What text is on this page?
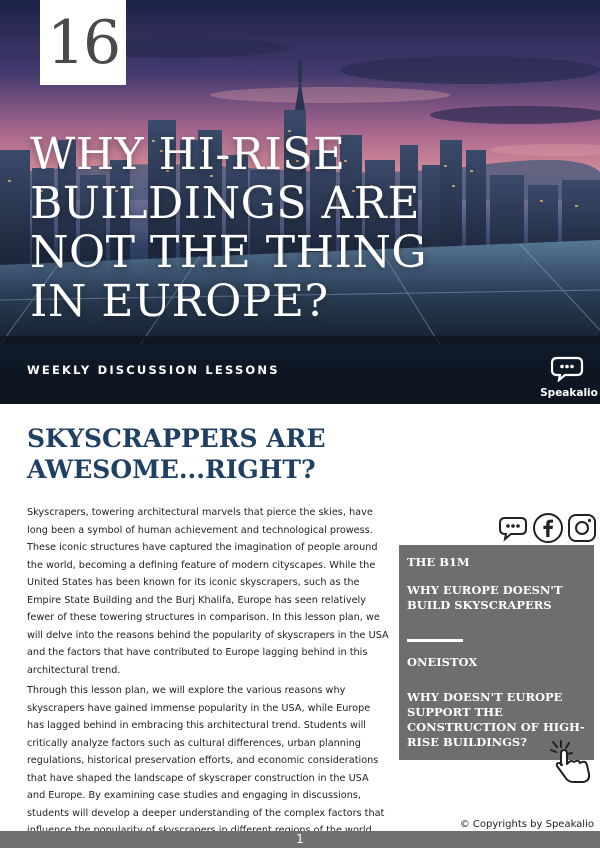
16
WHY HI-RISE BUILDINGS ARE NOT THE THING IN EUROPE?
WEEKLY DISCUSSION LESSONS
Speakalio
SKYSCRAPPERS ARE AWESOME...RIGHT?

Skyscrapers, towering architectural marvels that pierce the skies, have long been a symbol of human achievement and technological prowess. These iconic structures have captured the imagination of people around the world, becoming a defining feature of modern cityscapes. While the United States has been known for its iconic skyscrapers, such as the Empire State Building and the Burj Khalifa, Europe has seen relatively fewer of these towering structures in comparison. In this lesson plan, we will delve into the reasons behind the popularity of skyscrapers in the USA and the factors that have contributed to Europe lagging behind in this architectural trend.

Through this lesson plan, we will explore the various reasons why skyscrapers have gained immense popularity in the USA, while Europe has lagged behind in embracing this architectural trend. Students will critically analyze factors such as cultural differences, urban planning regulations, historical preservation efforts, and economic considerations that have shaped the landscape of skyscraper construction in the USA and Europe. By examining case studies and engaging in discussions, students will develop a deeper understanding of the complex factors that

THE B1M
WHY EUROPE DOESN'T BUILD SKYSCRAPERS
ONEISTOX
WHY DOESN'T EUROPE SUPPORT THE CONSTRUCTION OF HIGH-RISE BUILDINGS?
© Copyrights by Speakalio
1
